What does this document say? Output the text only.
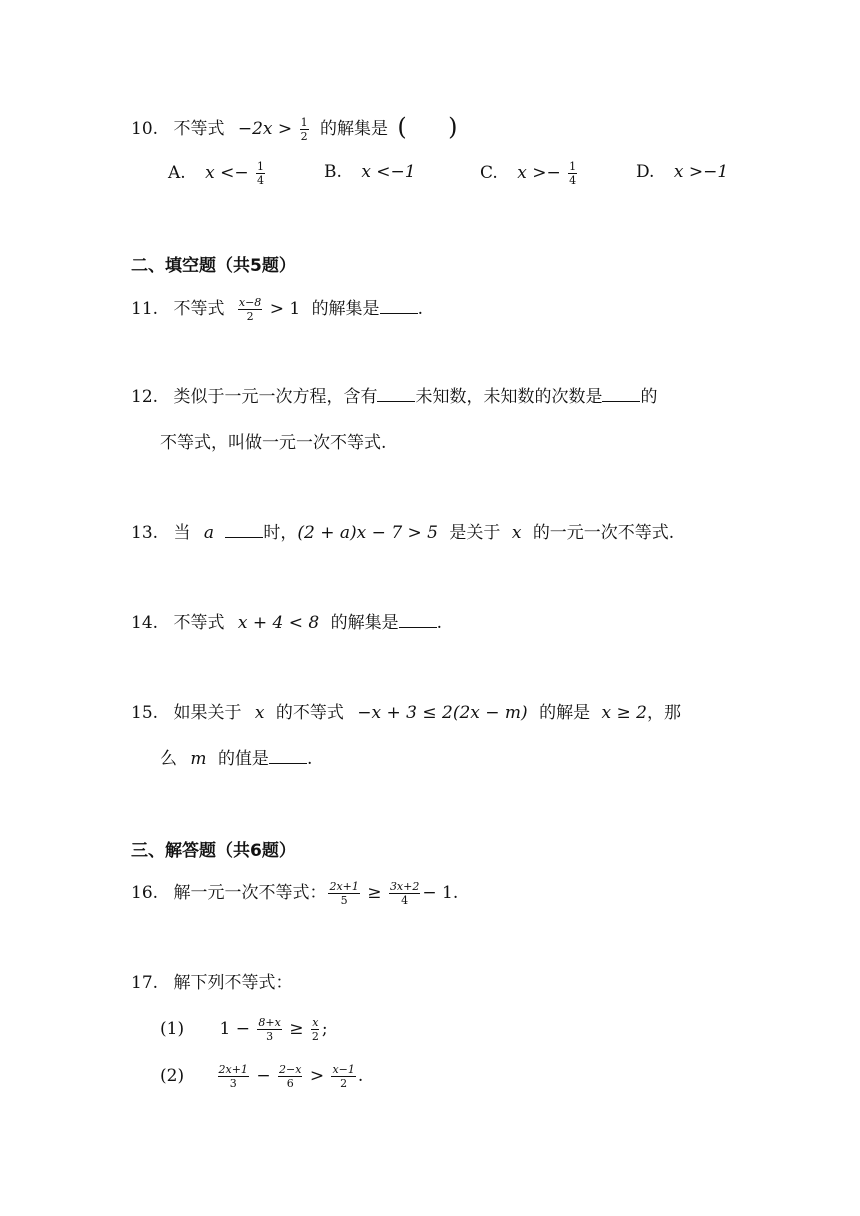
10. 不等式 $-2x > \frac{1}{2}$ 的解集是 ( )
A. $x <- \frac{1}{4}$	B. x <−1	C. $x >- \frac{1}{4}$	D. x >−1
二、填空题（共5题）
11. 不等式 $\frac{x-8}{2} > 1$ 的解集是 .
12. 类似于一元一次方程，含有 未知数，未知数的次数是 的
不等式，叫做一元一次不等式.
13. 当 a	时，(2 + a)x − 7 > 5 是关于 x 的一元一次不等式.
14. 不等式 x + 4 < 8 的解集是 .
15. 如果关于 x 的不等式 −x + 3 ≤ 2(2x − m) 的解是 x ≥ 2，那
么 m 的值是 .
三、解答题（共6题）
16. 解一元一次不等式： $\frac{2x+1}{5} \ge \frac{3x+2}{4} - 1$.
17. 解下列不等式：
(1) $1 - \frac{8+x}{3} \ge \frac{x}{2}$ ;
(2)	$\frac{2x+1}{3} - \frac{2-x}{6} > \frac{x-1}{2}$ .
